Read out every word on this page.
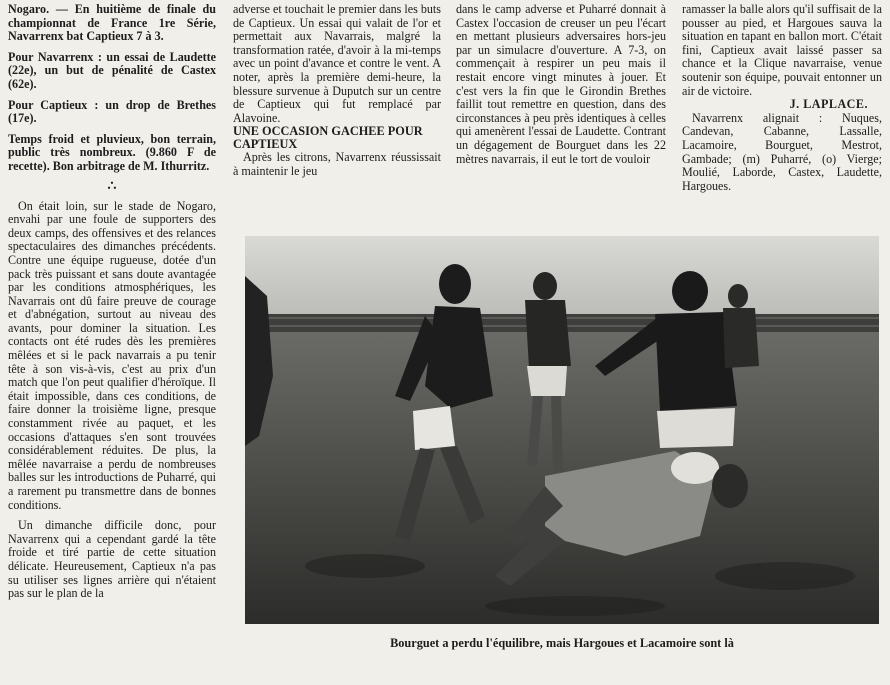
Nogaro. — En huitième de finale du championnat de France 1re Série, Navarrenx bat Captieux 7 à 3.

Pour Navarrenx : un essai de Laudette (22e), un but de pénalité de Castex (62e).

Pour Captieux : un drop de Brethes (17e).

Temps froid et pluvieux, bon terrain, public très nombreux. (9.860 F de recette). Bon arbitrage de M. Ithurritz.

∴

On était loin, sur le stade de Nogaro, envahi par une foule de supporters des deux camps, des offensives et des relances spectaculaires des dimanches précédents. Contre une équipe rugueuse, dotée d'un pack très puissant et sans doute avantagée par les conditions atmosphériques, les Navarrais ont dû faire preuve de courage et d'abnégation, surtout au niveau des avants, pour dominer la situation. Les contacts ont été rudes dès les premières mêlées et si le pack navarrais a pu tenir tête à son vis-à-vis, c'est au prix d'un match que l'on peut qualifier d'héroïque. Il était impossible, dans ces conditions, de faire donner la troisième ligne, presque constamment rivée au paquet, et les occasions d'attaques s'en sont trouvées considérablement réduites. De plus, la mêlée navarraise a perdu de nombreuses balles sur les introductions de Puharré, qui a rarement pu transmettre dans de bonnes conditions.

Un dimanche difficile donc, pour Navarrenx qui a cependant gardé la tête froide et tiré partie de cette situation délicate. Heureusement, Captieux n'a pas su utiliser ses lignes arrière qui n'étaient pas sur le plan de la

adverse et touchait le premier dans les buts de Captieux. Un essai qui valait de l'or et permettait aux Navarrais, malgré la transformation ratée, d'avoir à la mi-temps avec un point d'avance et contre le vent. A noter, après la première demi-heure, la blessure survenue à Duputch sur un centre de Captieux qui fut remplacé par Alavoine.

UNE OCCASION GACHEE POUR CAPTIEUX

Après les citrons, Navarrenx réussissait à maintenir le jeu

dans le camp adverse et Puharré donnait à Castex l'occasion de creuser un peu l'écart en mettant plusieurs adversaires hors-jeu par un simulacre d'ouverture. A 7-3, on commençait à respirer un peu mais il restait encore vingt minutes à jouer. Et c'est vers la fin que le Girondin Brethes faillit tout remettre en question, dans des circonstances à peu près identiques à celles qui amenèrent l'essai de Laudette. Contrant un dégagement de Bourguet dans les 22 mètres navarrais, il eut le tort de vouloir

ramasser la balle alors qu'il suffisait de la pousser au pied, et Hargoues sauva la situation en tapant en ballon mort. C'était fini, Captieux avait laissé passer sa chance et la Clique navarraise, venue soutenir son équipe, pouvait entonner un air de victoire.

J. LAPLACE.

Navarrenx alignait : Nuques, Candevan, Cabanne, Lassalle, Lacamoire, Bourguet, Mestrot, Gambade; (m) Puharré, (o) Vierge; Moulié, Laborde, Castex, Laudette, Hargoues.

Bourguet a perdu l'équilibre, mais Hargoues et Lacamoire sont là
